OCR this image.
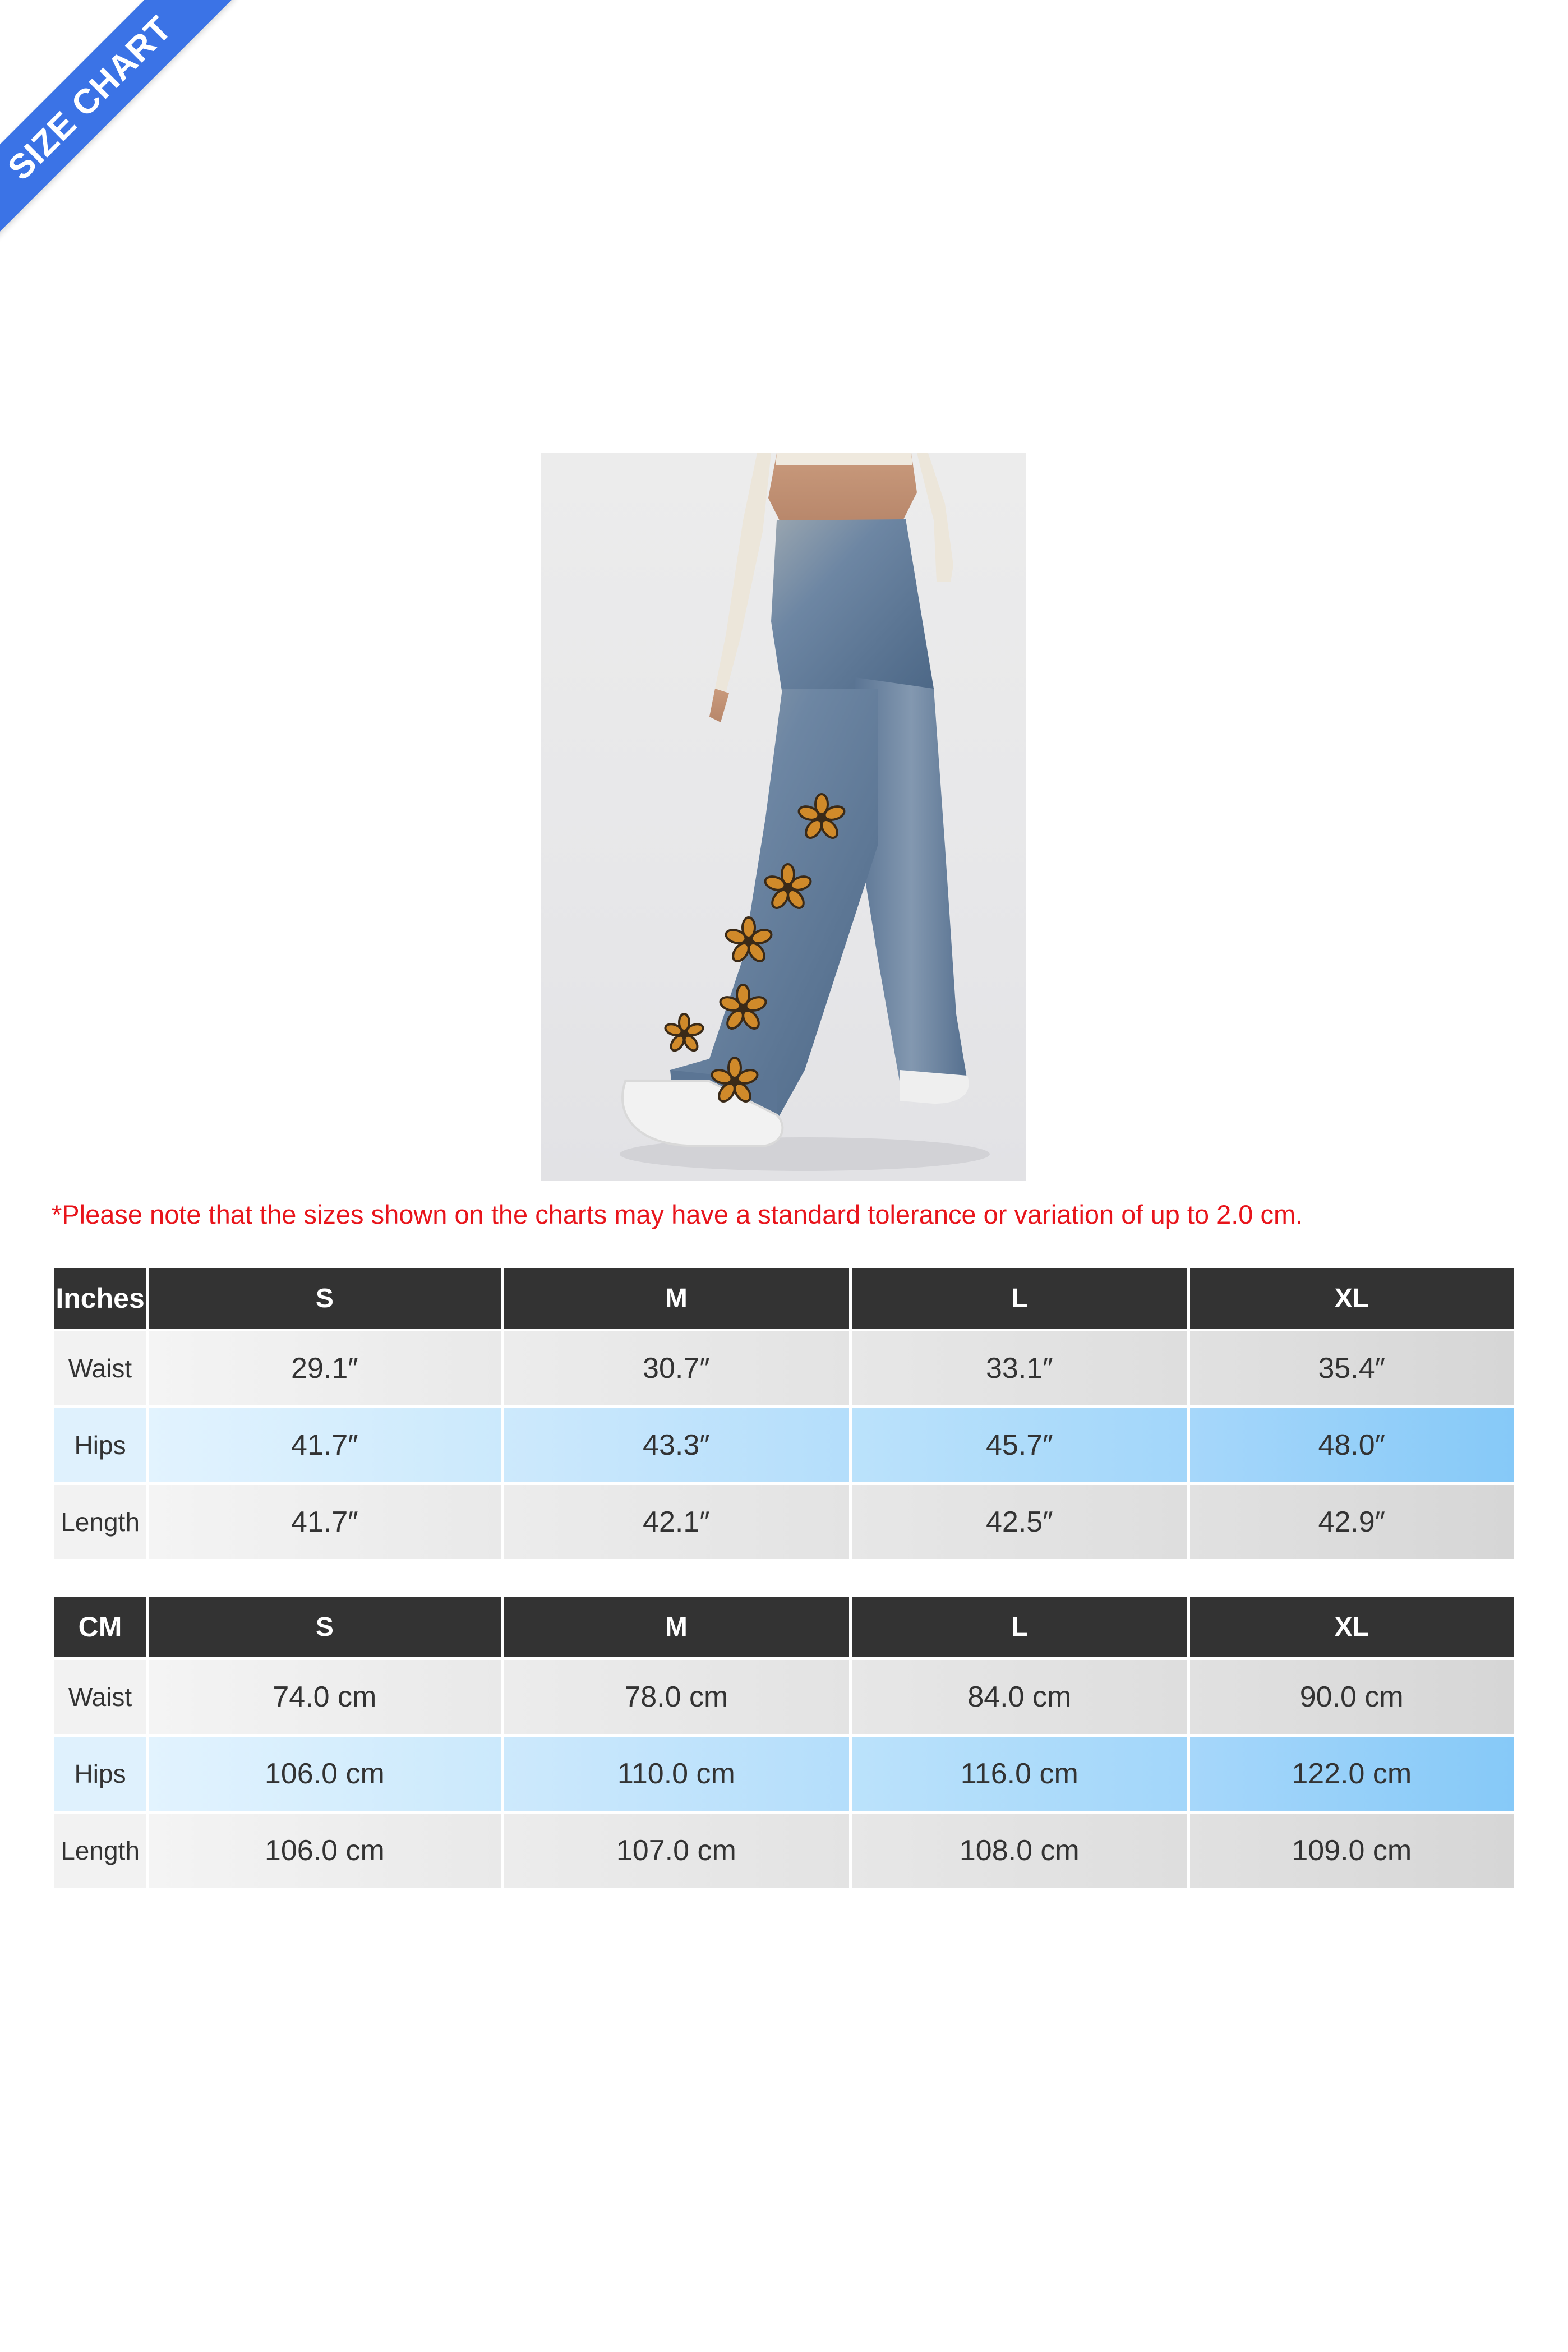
SIZE CHART
*Please note that the sizes shown on the charts may have a standard tolerance or variation of up to 2.0 cm.
Inches	S	M	L	XL
Waist	29.1″	30.7″	33.1″	35.4″
Hips	41.7″	43.3″	45.7″	48.0″
Length	41.7″	42.1″	42.5″	42.9″
CM	S	M	L	XL
Waist	74.0 cm	78.0 cm	84.0 cm	90.0 cm
Hips	106.0 cm	110.0 cm	116.0 cm	122.0 cm
Length	106.0 cm	107.0 cm	108.0 cm	109.0 cm
